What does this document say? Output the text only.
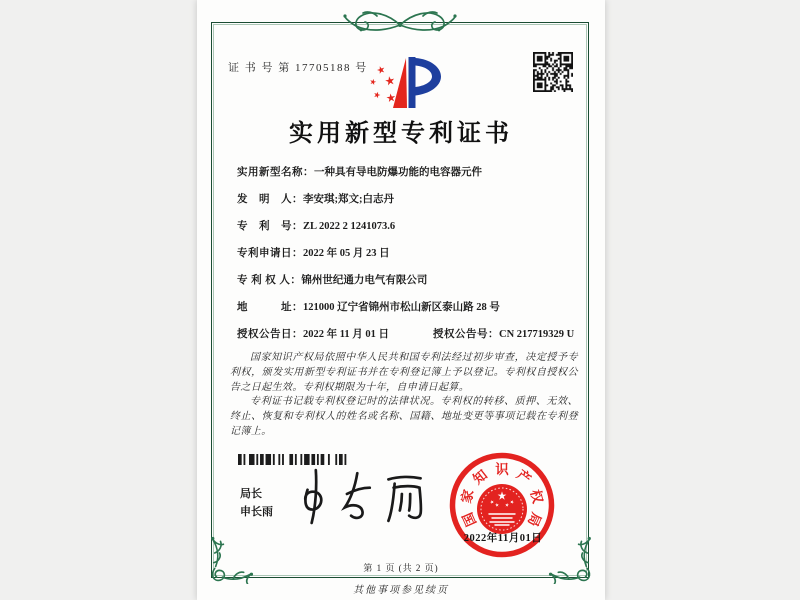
证 书 号 第 17705188 号
实用新型专利证书
实用新型名称：一种具有导电防爆功能的电容器元件
发　明　人：李安琪;郑文;白志丹
专　利　号：ZL 2022 2 1241073.6
专利申请日：2022 年 05 月 23 日
专 利 权 人：锦州世纪通力电气有限公司
地　　　址：121000 辽宁省锦州市松山新区泰山路 28 号
授权公告日：2022 年 11 月 01 日	授权公告号：CN 217719329 U

国家知识产权局依照中华人民共和国专利法经过初步审查，决定授予专利权，颁发实用新型专利证书并在专利登记簿上予以登记。专利权自授权公告之日起生效。专利权期限为十年，自申请日起算。

专利证书记载专利权登记时的法律状况。专利权的转移、质押、无效、终止、恢复和专利权人的姓名或名称、国籍、地址变更等事项记载在专利登记簿上。

局长
申长雨	国
家
知 识 产
权
局
2022年11月01日
第 1 页 (共 2 页)
其他事项参见续页
